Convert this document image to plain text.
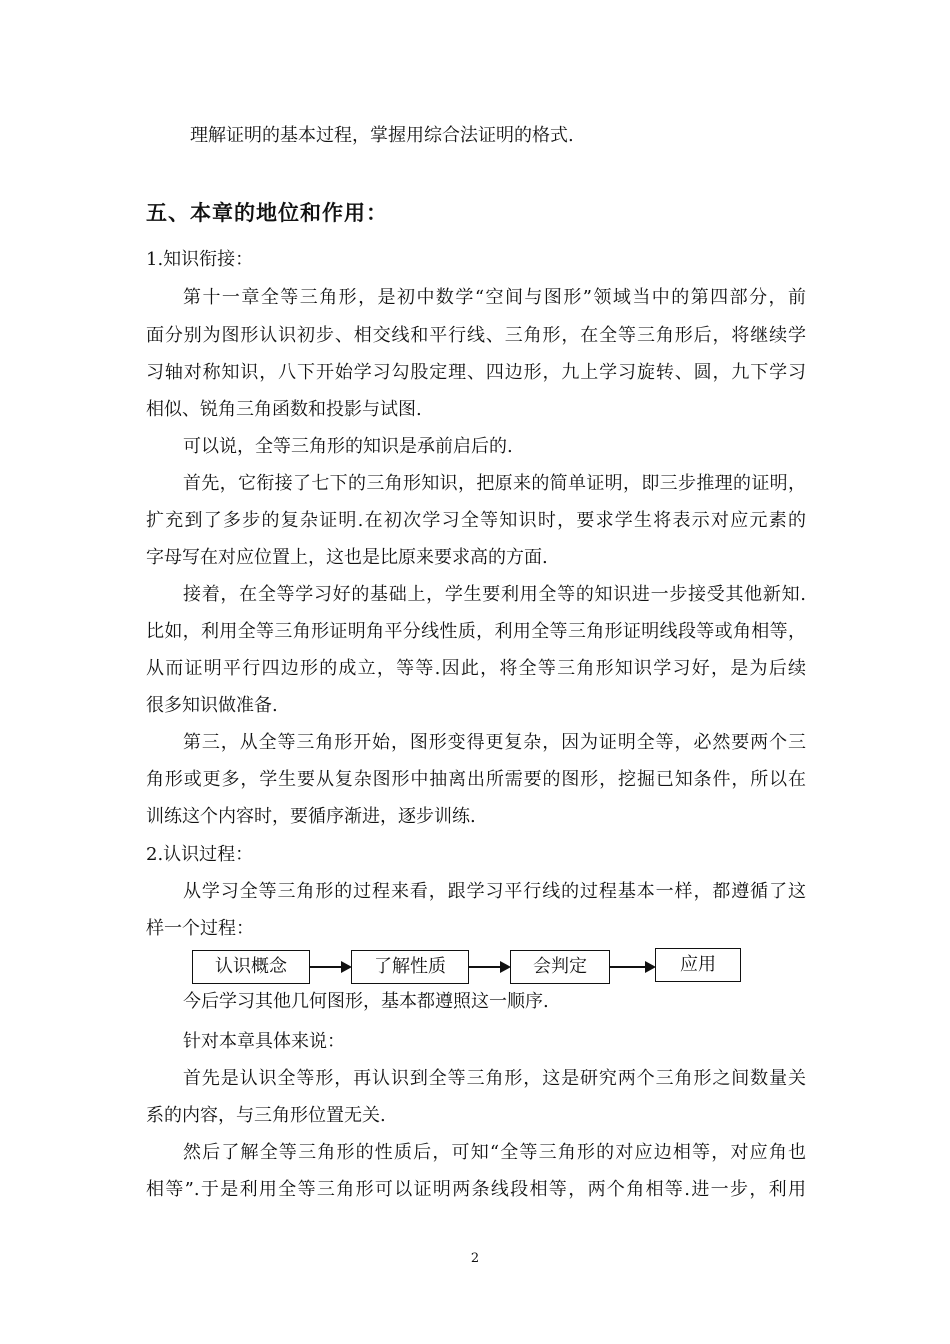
理解证明的基本过程，掌握用综合法证明的格式.
五、本章的地位和作用：
1.知识衔接：
第十一章全等三角形，是初中数学“空间与图形”领域当中的第四部分，前
面分别为图形认识初步、相交线和平行线、三角形，在全等三角形后，将继续学
习轴对称知识，八下开始学习勾股定理、四边形，九上学习旋转、圆，九下学习
相似、锐角三角函数和投影与试图.
可以说，全等三角形的知识是承前启后的.
首先，它衔接了七下的三角形知识，把原来的简单证明，即三步推理的证明，
扩充到了多步的复杂证明.在初次学习全等知识时，要求学生将表示对应元素的
字母写在对应位置上，这也是比原来要求高的方面.
接着，在全等学习好的基础上，学生要利用全等的知识进一步接受其他新知.
比如，利用全等三角形证明角平分线性质，利用全等三角形证明线段等或角相等，
从而证明平行四边形的成立，等等.因此，将全等三角形知识学习好，是为后续
很多知识做准备.
第三，从全等三角形开始，图形变得更复杂，因为证明全等，必然要两个三
角形或更多，学生要从复杂图形中抽离出所需要的图形，挖掘已知条件，所以在
训练这个内容时，要循序渐进，逐步训练.
2.认识过程：
从学习全等三角形的过程来看，跟学习平行线的过程基本一样，都遵循了这
样一个过程：
认识概念	了解性质	会判定	应用
今后学习其他几何图形，基本都遵照这一顺序.
针对本章具体来说：
首先是认识全等形，再认识到全等三角形，这是研究两个三角形之间数量关
系的内容，与三角形位置无关.
然后了解全等三角形的性质后，可知“全等三角形的对应边相等，对应角也
相等”.于是利用全等三角形可以证明两条线段相等，两个角相等.进一步，利用
2
